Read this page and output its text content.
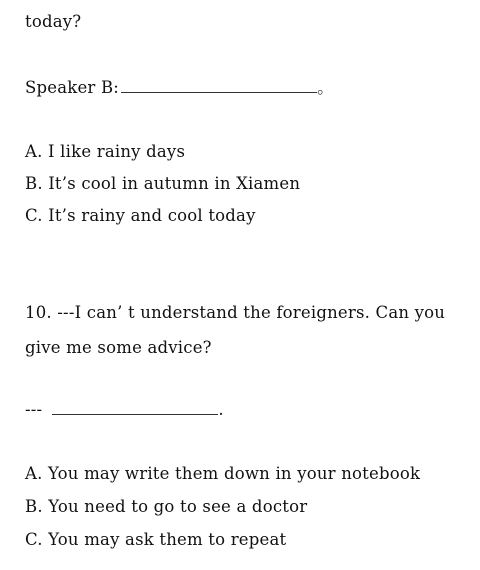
today?
Speaker B:	。
A. I like rainy days
B. It’s cool in autumn in Xiamen
C. It’s rainy and cool today
10. ---I can’ t understand the foreigners. Can you
give me some advice?
---	.
A. You may write them down in your notebook
B. You need to go to see a doctor
C. You may ask them to repeat
